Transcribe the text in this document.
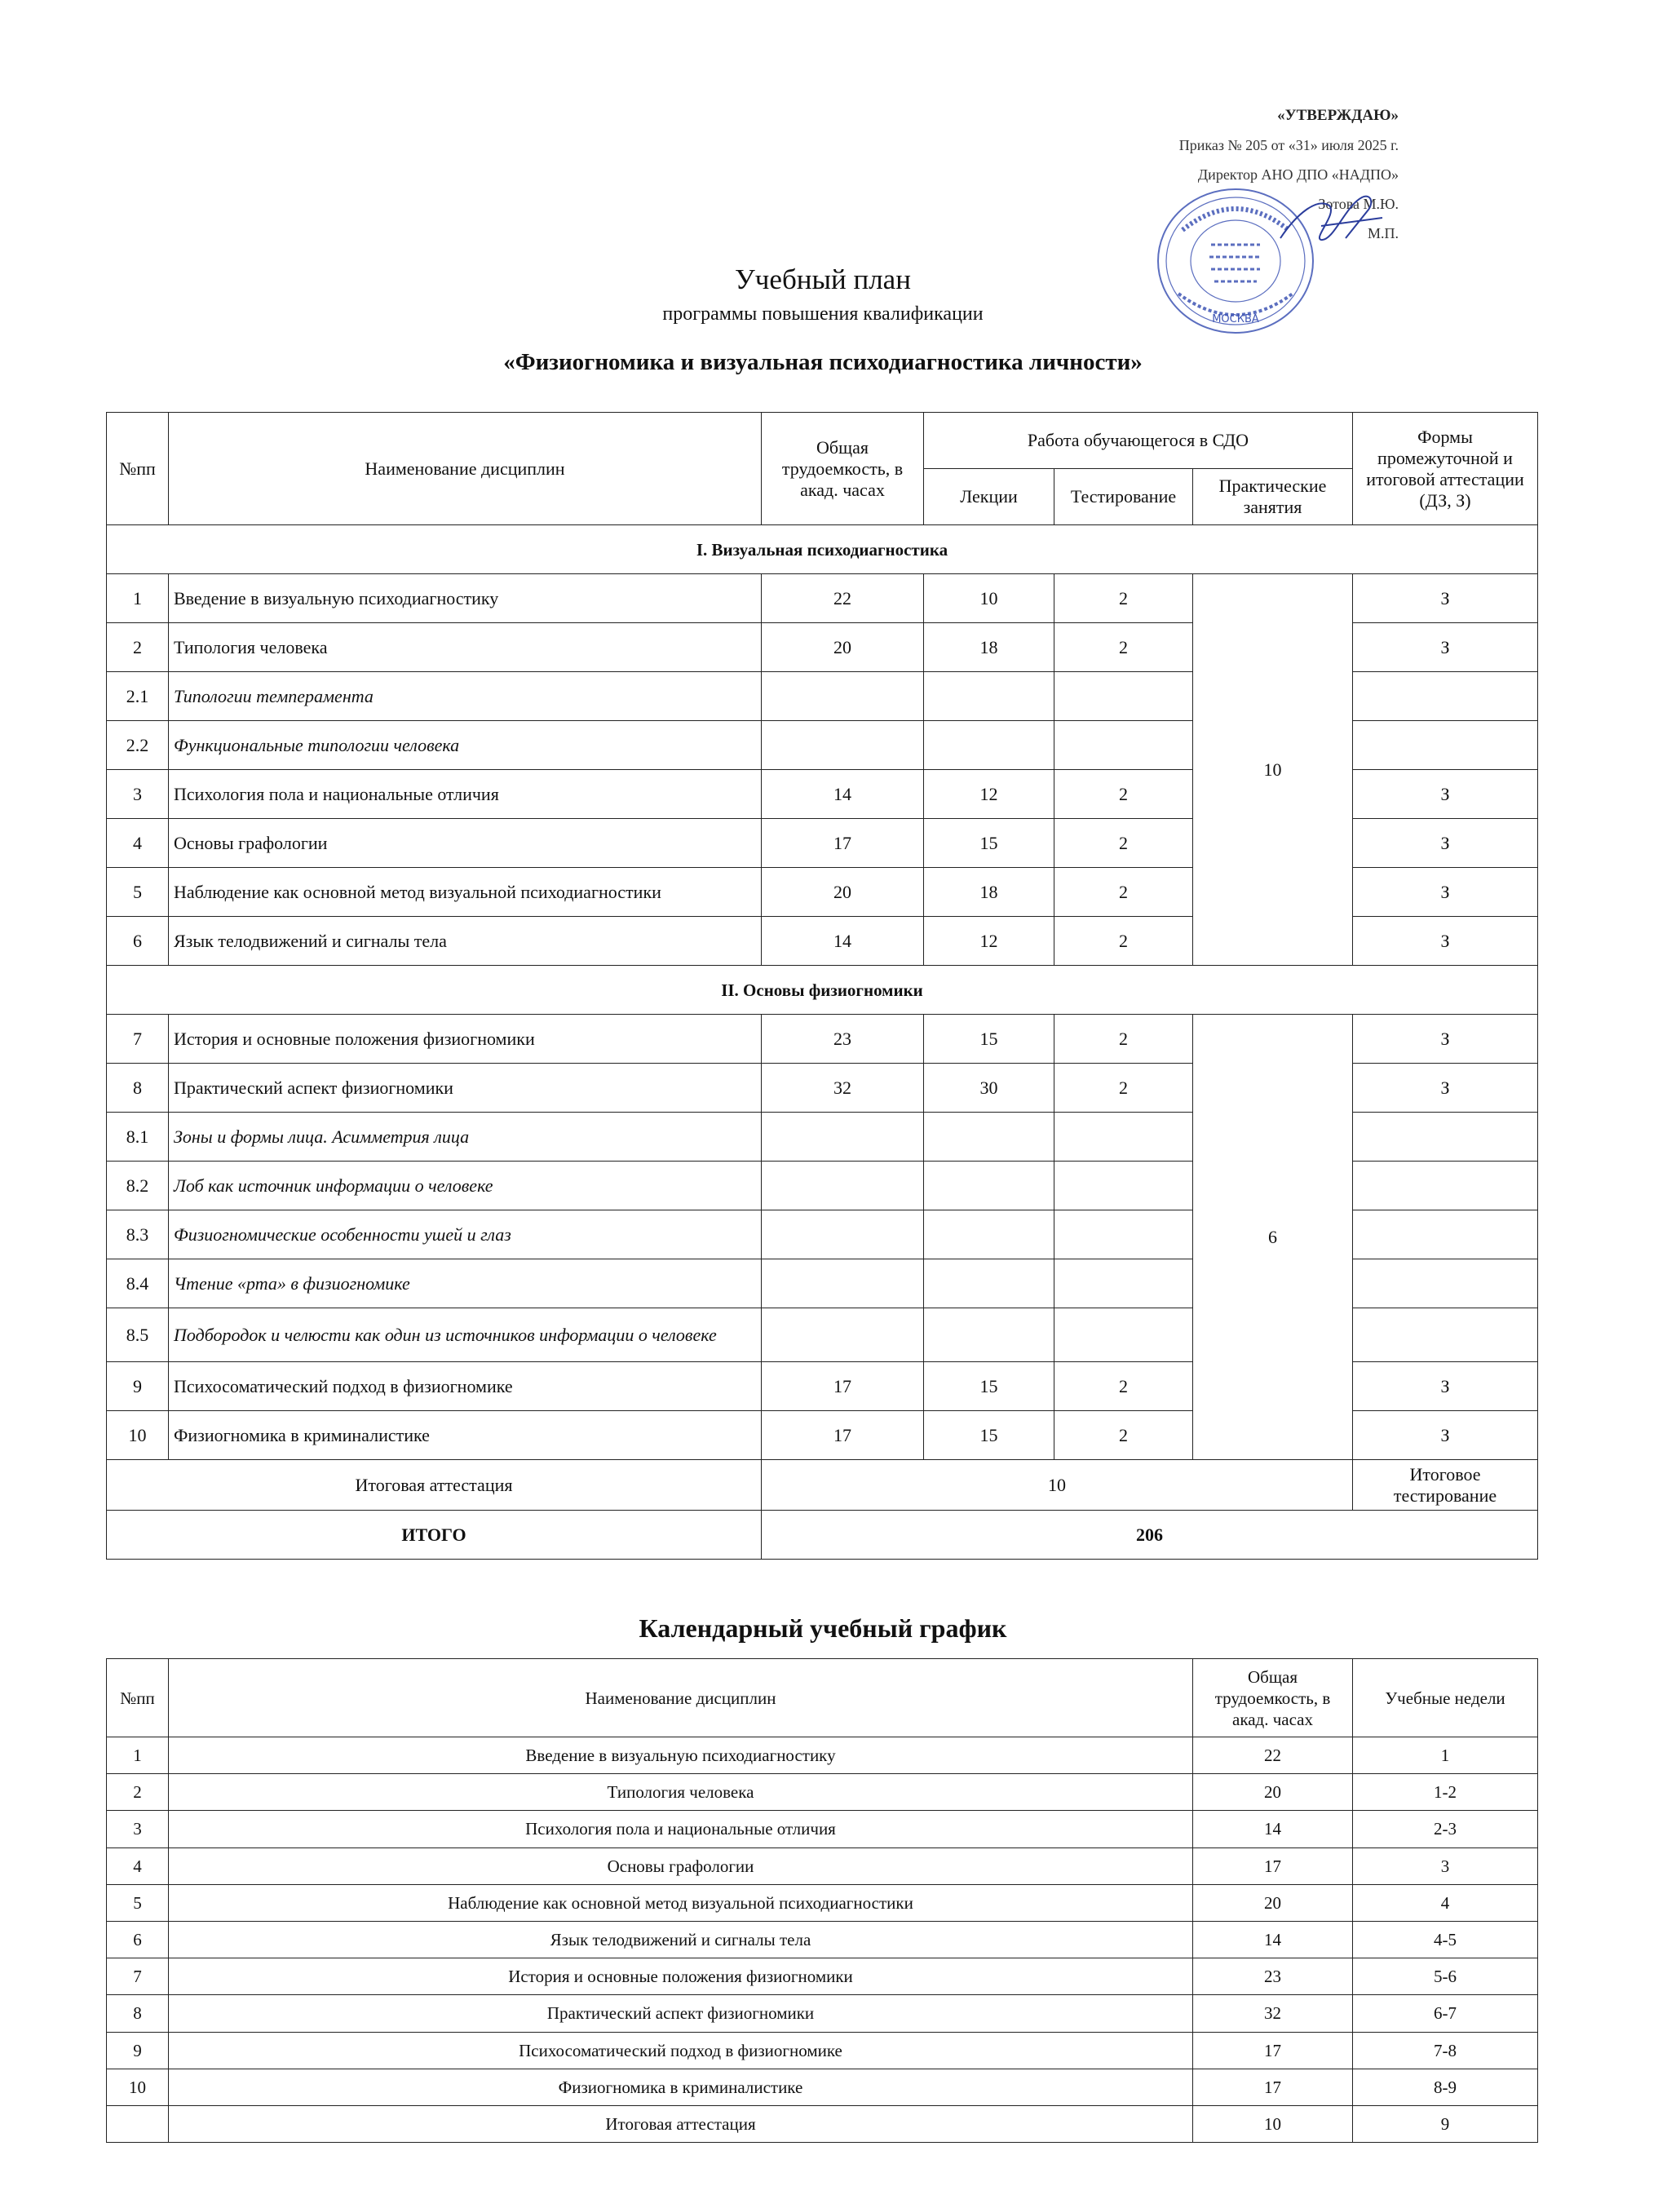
«УТВЕРЖДАЮ»
Приказ № 205 от «31» июля 2025 г.
Директор АНО ДПО «НАДПО»
Зотова М.Ю.
М.П.
МОСКВА
Учебный план
программы повышения квалификации
«Физиогномика и визуальная психодиагностика личности»
№пп	Наименование дисциплин	Общая трудоемкость, в акад. часах	Работа обучающегося в СДО			Формы промежуточной и итоговой аттестации (ДЗ, З)
			Лекции	Тестирование	Практические занятия	
I. Визуальная психодиагностика						
1	Введение в визуальную психодиагностику	22	10	2	10	З
2	Типология человека	20	18	2		З
2.1	Типологии темперамента					
2.2	Функциональные типологии человека					
3	Психология пола и национальные отличия	14	12	2		З
4	Основы графологии	17	15	2		З
5	Наблюдение как основной метод визуальной психодиагностики	20	18	2		З
6	Язык телодвижений и сигналы тела	14	12	2		З
II. Основы физиогномики						
7	История и основные положения физиогномики	23	15	2	6	З
8	Практический аспект физиогномики	32	30	2		З
8.1	Зоны и формы лица. Асимметрия лица					
8.2	Лоб как источник информации о человеке					
8.3	Физиогномические особенности ушей и глаз					
8.4	Чтение «рта» в физиогномике					
8.5	Подбородок и челюсти как один из источников информации о человеке					
9	Психосоматический подход в физиогномике	17	15	2		З
10	Физиогномика в криминалистике	17	15	2		З
Итоговая аттестация		10				Итоговое тестирование
ИТОГО		206				
Календарный учебный график
№пп	Наименование дисциплин	Общая трудоемкость, в акад. часах	Учебные недели
1	Введение в визуальную психодиагностику	22	1
2	Типология человека	20	1-2
3	Психология пола и национальные отличия	14	2-3
4	Основы графологии	17	3
5	Наблюдение как основной метод визуальной психодиагностики	20	4
6	Язык телодвижений и сигналы тела	14	4-5
7	История и основные положения физиогномики	23	5-6
8	Практический аспект физиогномики	32	6-7
9	Психосоматический подход в физиогномике	17	7-8
10	Физиогномика в криминалистике	17	8-9
	Итоговая аттестация	10	9
